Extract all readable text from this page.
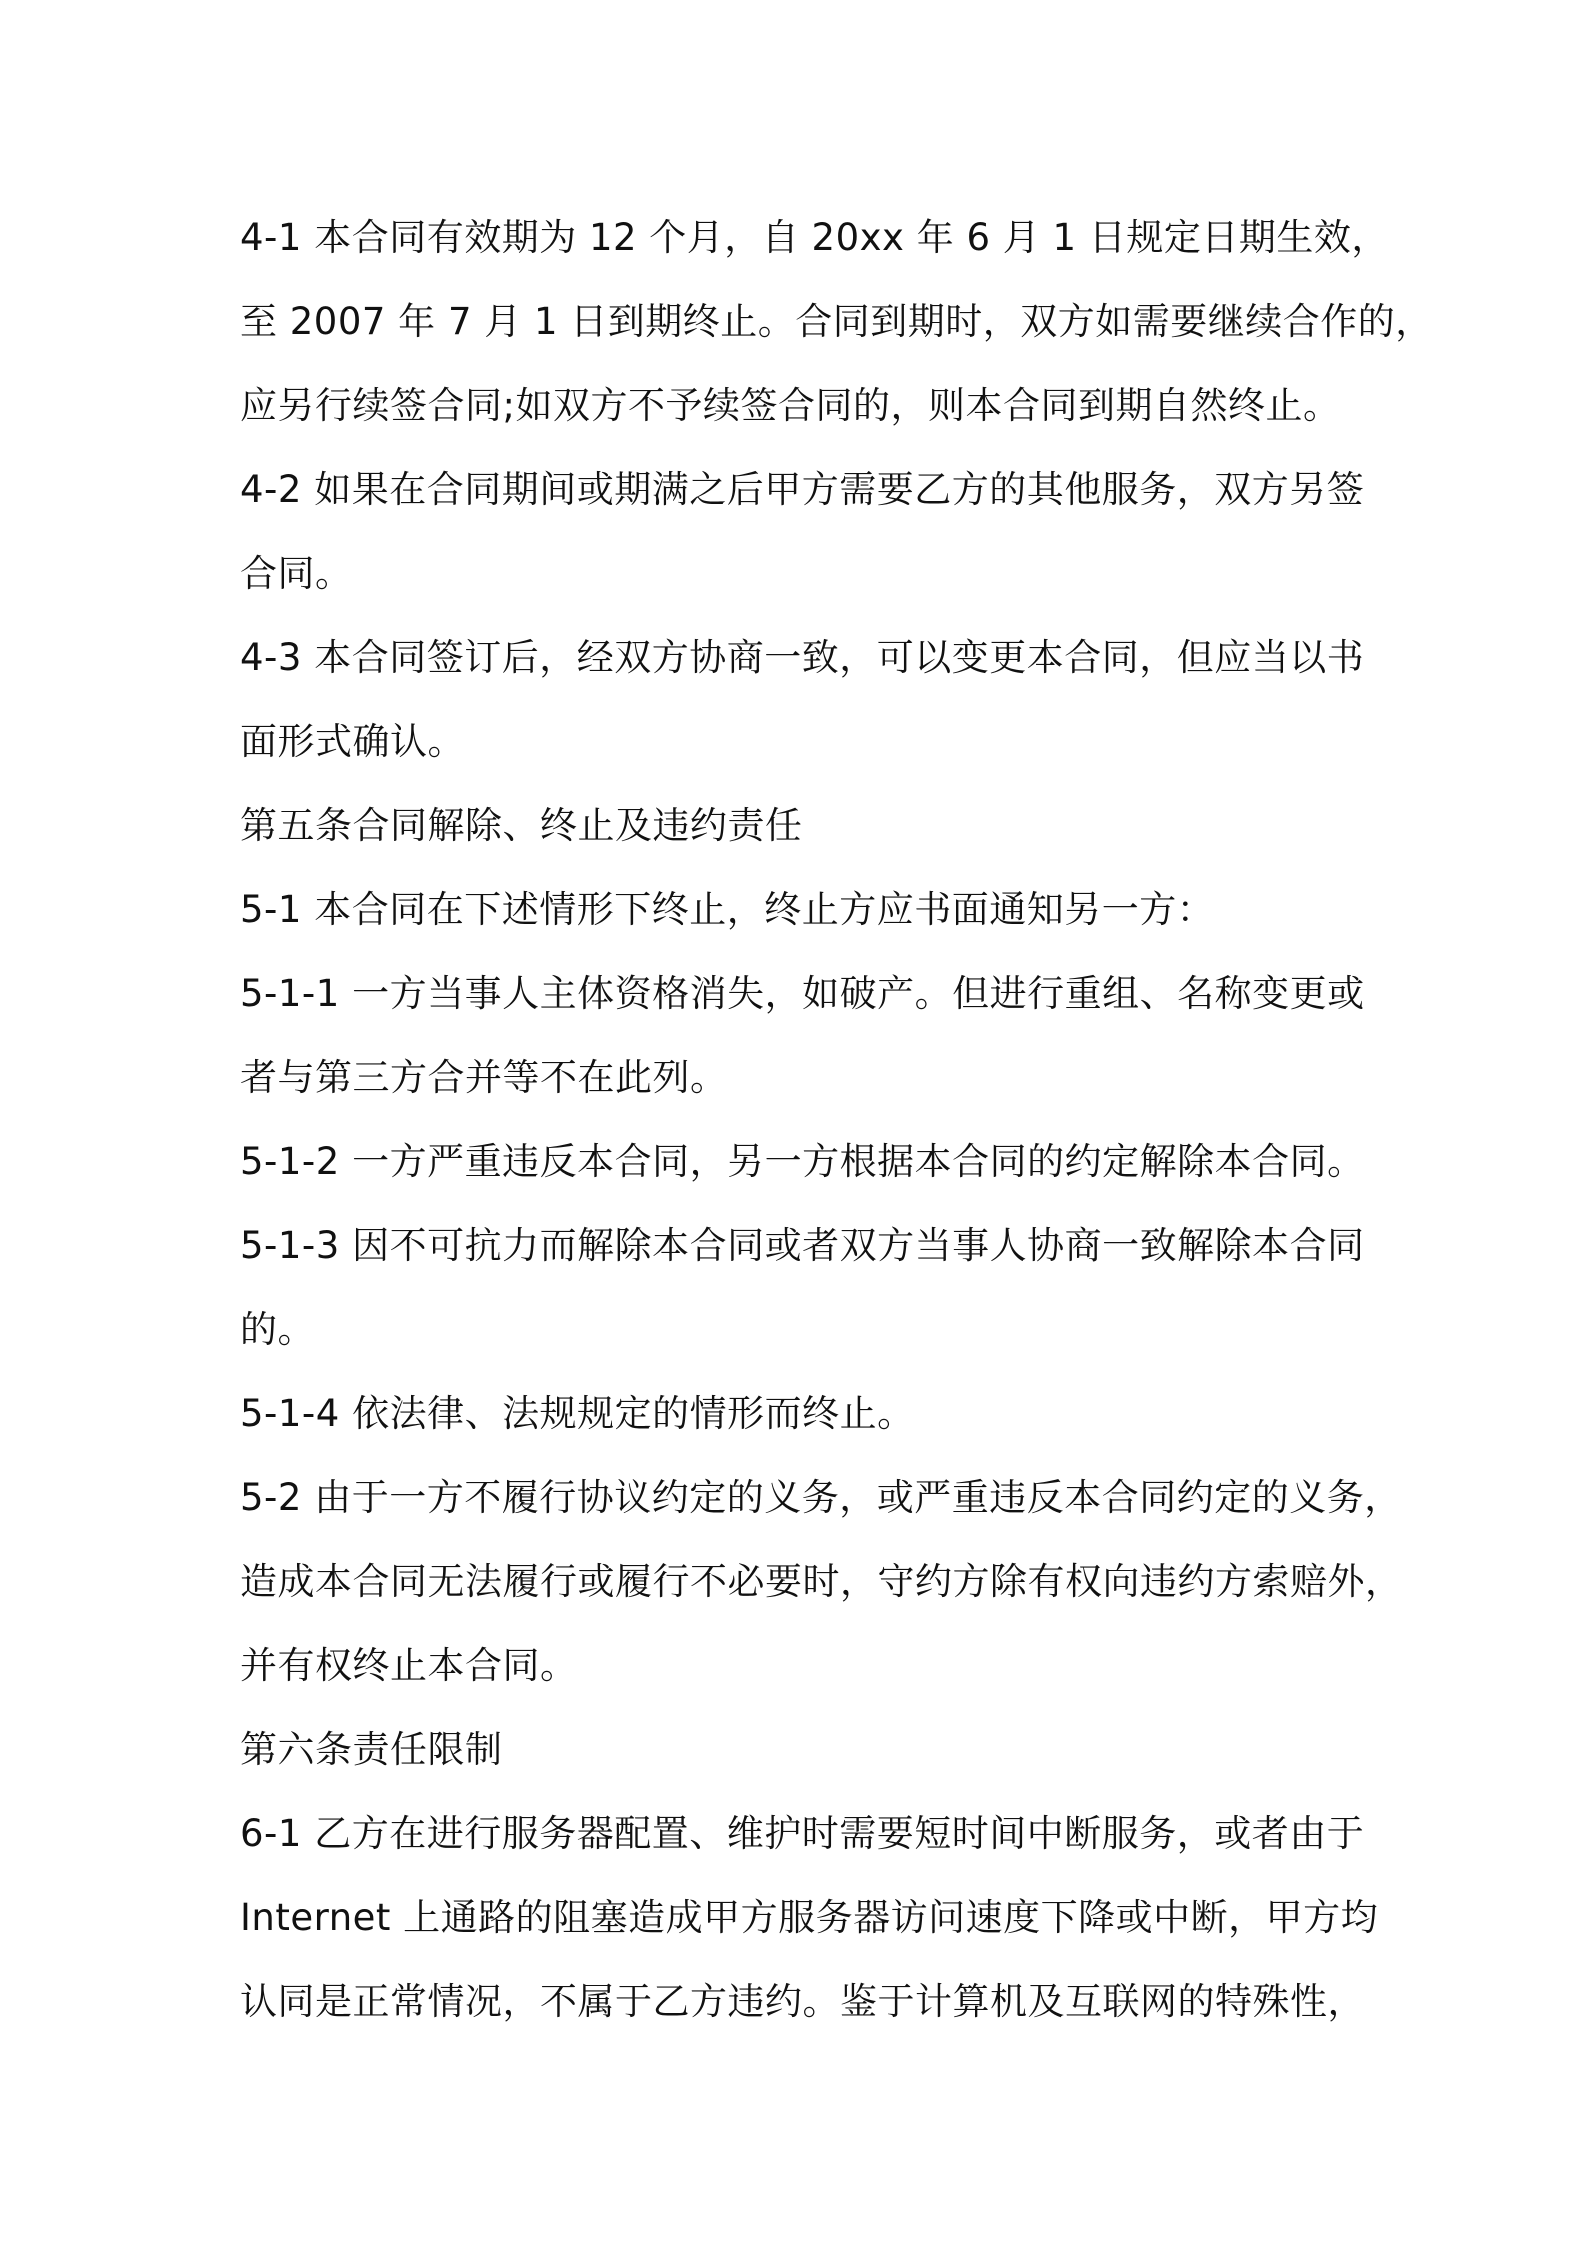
4-1 本合同有效期为 12 个月，自 20xx 年 6 月 1 日规定日期生效，
至 2007 年 7 月 1 日到期终止。合同到期时，双方如需要继续合作的，
应另行续签合同;如双方不予续签合同的，则本合同到期自然终止。
4-2 如果在合同期间或期满之后甲方需要乙方的其他服务，双方另签
合同。
4-3 本合同签订后，经双方协商一致，可以变更本合同，但应当以书
面形式确认。
第五条合同解除、终止及违约责任
5-1 本合同在下述情形下终止，终止方应书面通知另一方：
5-1-1 一方当事人主体资格消失，如破产。但进行重组、名称变更或
者与第三方合并等不在此列。
5-1-2 一方严重违反本合同，另一方根据本合同的约定解除本合同。
5-1-3 因不可抗力而解除本合同或者双方当事人协商一致解除本合同
的。
5-1-4 依法律、法规规定的情形而终止。
5-2 由于一方不履行协议约定的义务，或严重违反本合同约定的义务，
造成本合同无法履行或履行不必要时，守约方除有权向违约方索赔外，
并有权终止本合同。
第六条责任限制
6-1 乙方在进行服务器配置、维护时需要短时间中断服务，或者由于
Internet 上通路的阻塞造成甲方服务器访问速度下降或中断，甲方均
认同是正常情况，不属于乙方违约。鉴于计算机及互联网的特殊性，
